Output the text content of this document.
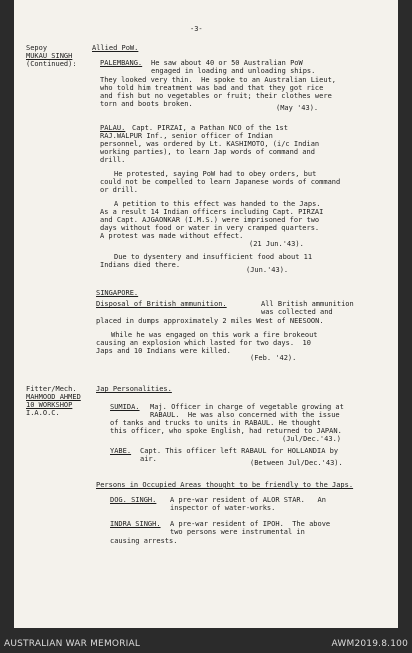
-3-
Sepoy
MUKAU SINGH
(Continued):
Allied PoW.
PALEMBANG. He saw about 40 or 50 Australian PoW
engaged in loading and unloading ships.
They looked very thin.  He spoke to an Australian Lieut,
who told him treatment was bad and that they got rice
and fish but no vegetables or fruit; their clothes were
torn and boots broken.	(May '43).
PALAU. Capt. PIRZAI, a Pathan NCO of the 1st
RAJ.WALPUR Inf., senior officer of Indian
personnel, was ordered by Lt. KASHIMOTO, (i/c Indian
working parties), to learn Jap words of command and
drill.
He protested, saying PoW had to obey orders, but
could not be compelled to learn Japanese words of command
or drill.
A petition to this effect was handed to the Japs.
As a result 14 Indian officers including Capt. PIRZAI
and Capt. AJGAONKAR (I.M.S.) were imprisoned for two
days without food or water in very cramped quarters.
A protest was made without effect.
(21 Jun.'43).
Due to dysentery and insufficient food about 11
Indians died there.
(Jun.'43).
SINGAPORE.
Disposal of British ammunition.	All British ammunition
was collected and
placed in dumps approximately 2 miles West of NEESOON.
While he was engaged on this work a fire brokeout
causing an explosion which lasted for two days.  10
Japs and 10 Indians were killed.
(Feb. '42).
Fitter/Mech.
MAHMOOD AHMED
10 WORKSHOP
I.A.O.C.
Jap Personalities.
SUMIDA. Maj. Officer in charge of vegetable growing at
RABAUL.  He was also concerned with the issue
of tanks and trucks to units in RABAUL. He thought
this officer, who spoke English, had returned to JAPAN.
(Jul/Dec.'43.)
YABE. Capt. This officer left RABAUL for HOLLANDIA by
air.	(Between Jul/Dec.'43).
Persons in Occupied Areas thought to be friendly to the Japs.
DOG. SINGH. A pre-war resident of ALOR STAR.   An
inspector of water-works.
INDRA SINGH. A pre-war resident of IPOH.  The above
two persons were instrumental in
causing arrests.
AUSTRALIAN WAR MEMORIAL	AWM2019.8.100
